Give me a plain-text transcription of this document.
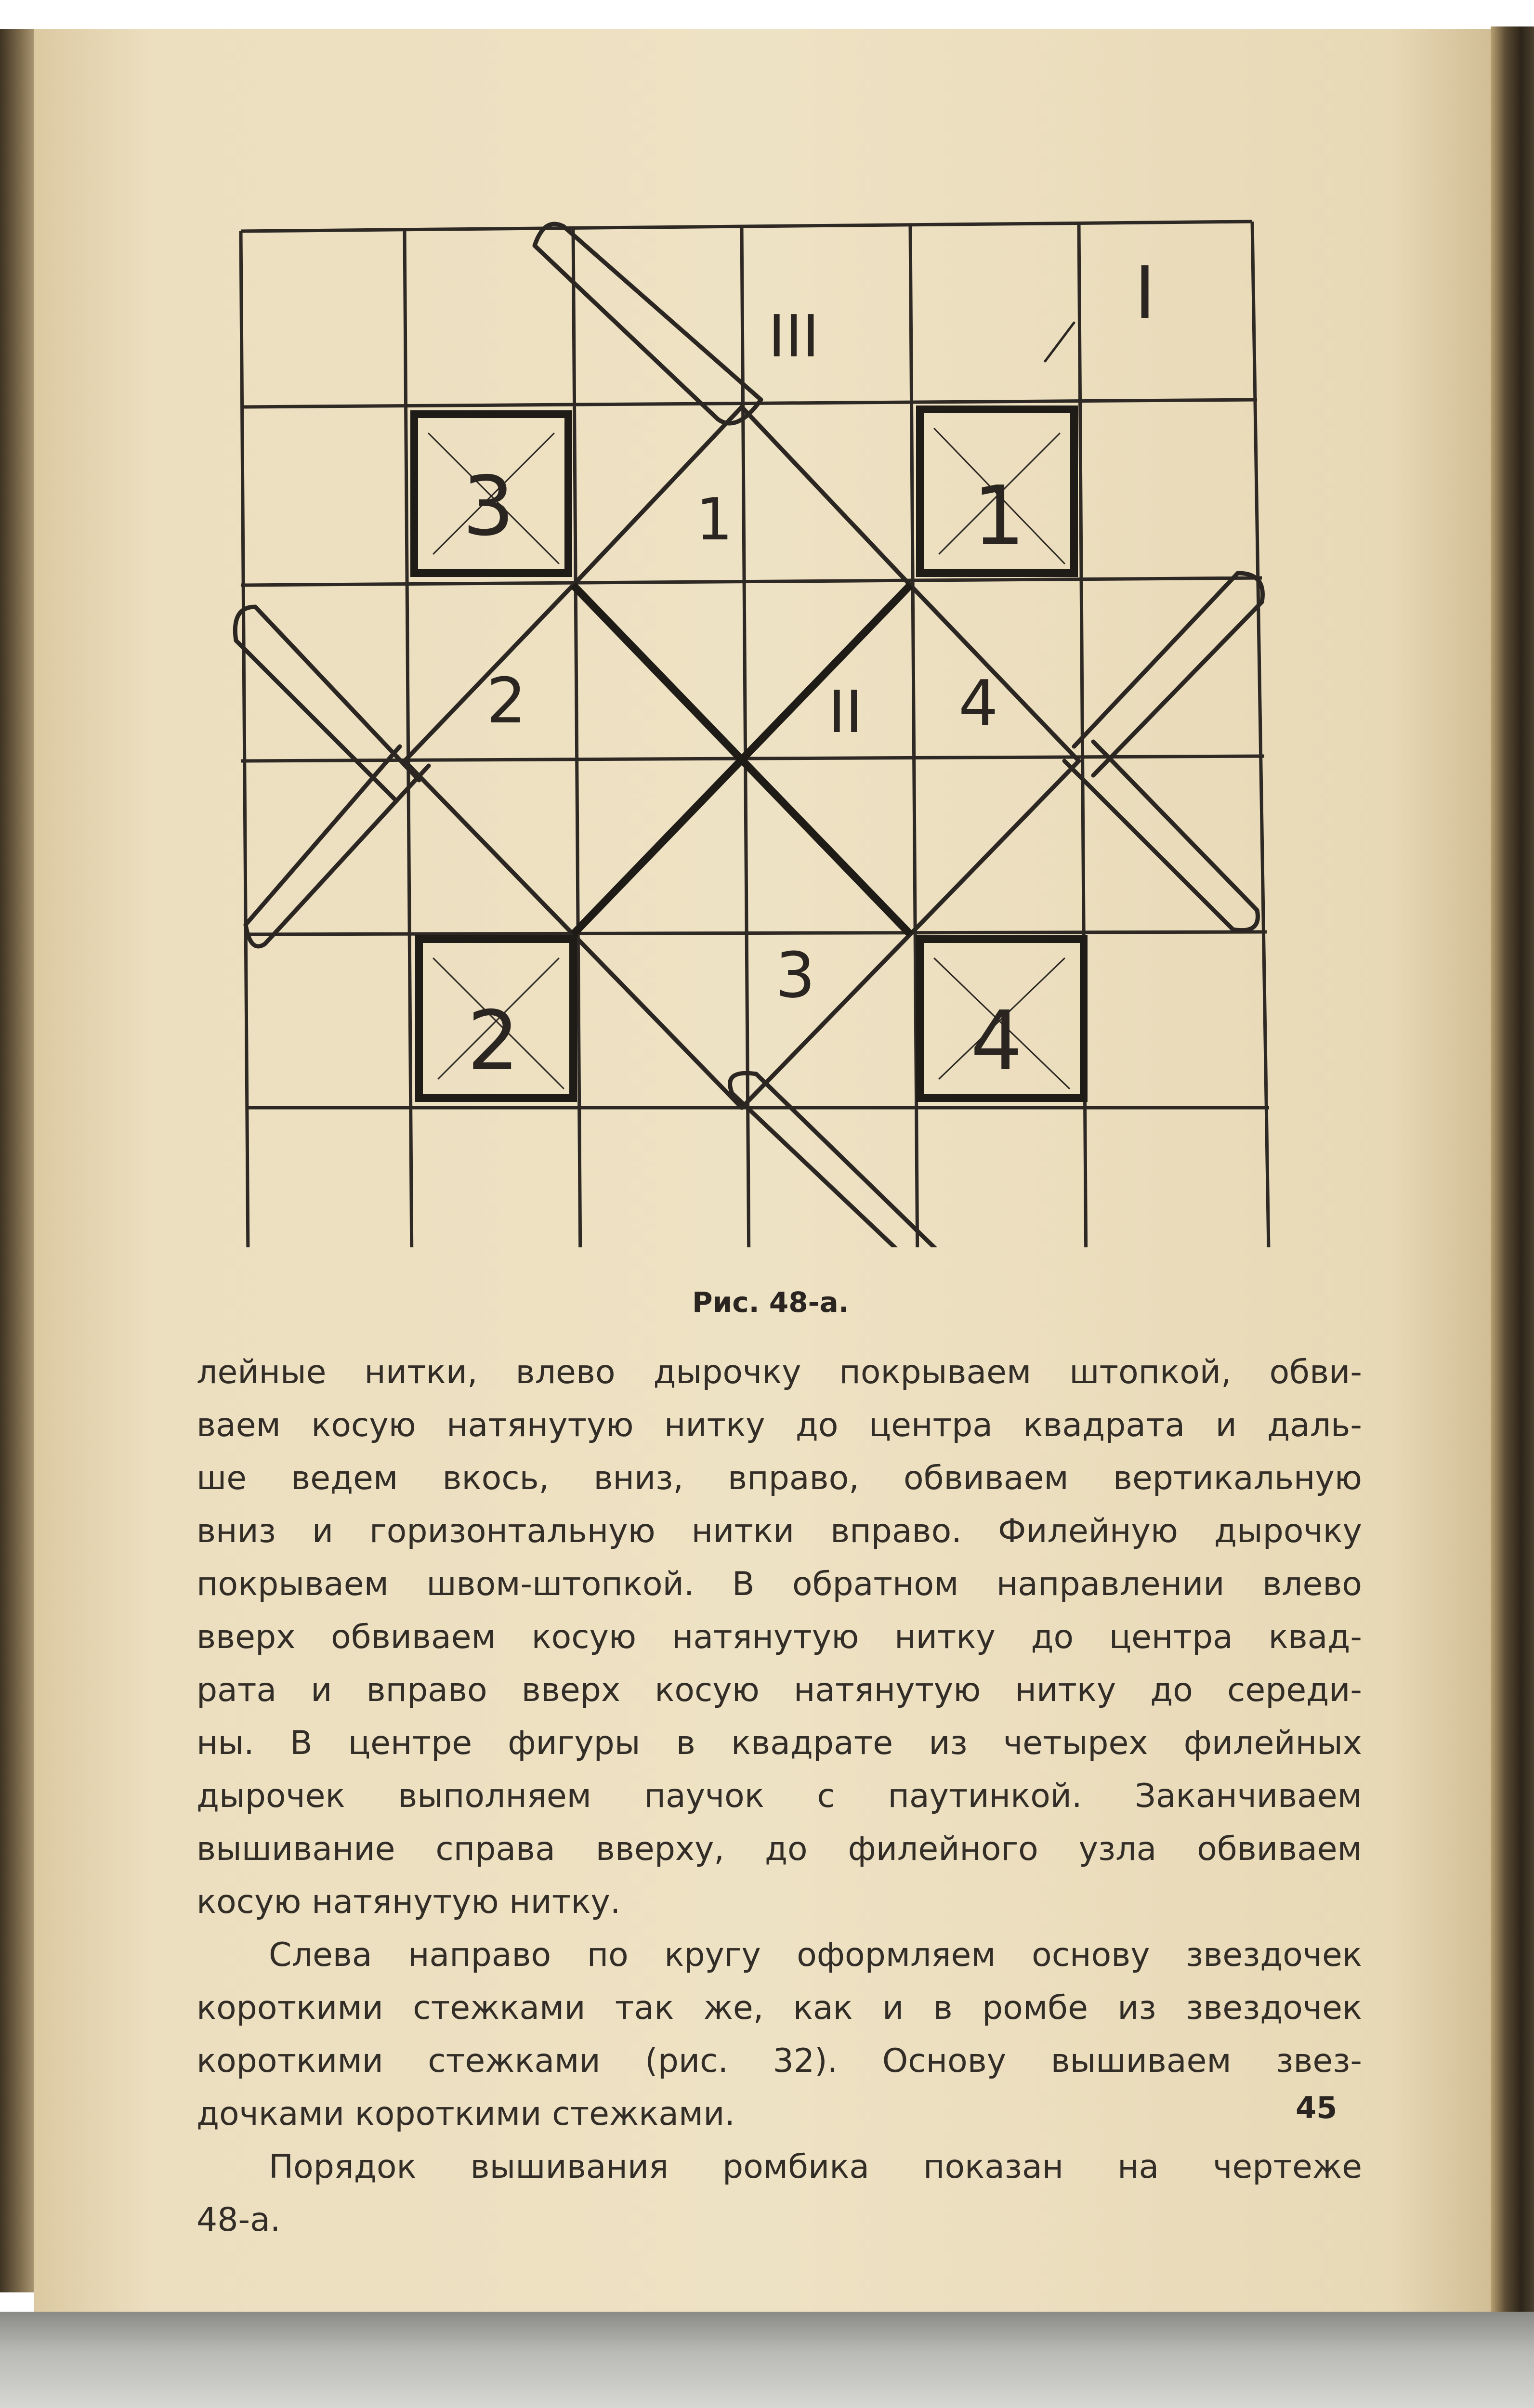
I
II
III
1
2
3
4
1
2
3
4
Рис. 48-а.
лейные нитки, влево дырочку покрываем штопкой, обви-
ваем косую натянутую нитку до центра квадрата и даль-
ше ведем вкось, вниз, вправо, обвиваем вертикальную
вниз и горизонтальную нитки вправо. Филейную дырочку
покрываем швом-штопкой. В обратном направлении влево
вверх обвиваем косую натянутую нитку до центра квад-
рата и вправо вверх косую натянутую нитку до середи-
ны. В центре фигуры в квадрате из четырех филейных
дырочек выполняем паучок с паутинкой. Заканчиваем
вышивание справа вверху, до филейного узла обвиваем
косую натянутую нитку.
Слева направо по кругу оформляем основу звездочек
короткими стежками так же, как и в ромбе из звездочек
короткими стежками (рис. 32). Основу вышиваем звез-
дочками короткими стежками.
Порядок вышивания ромбика показан на чертеже
48-а.
45
